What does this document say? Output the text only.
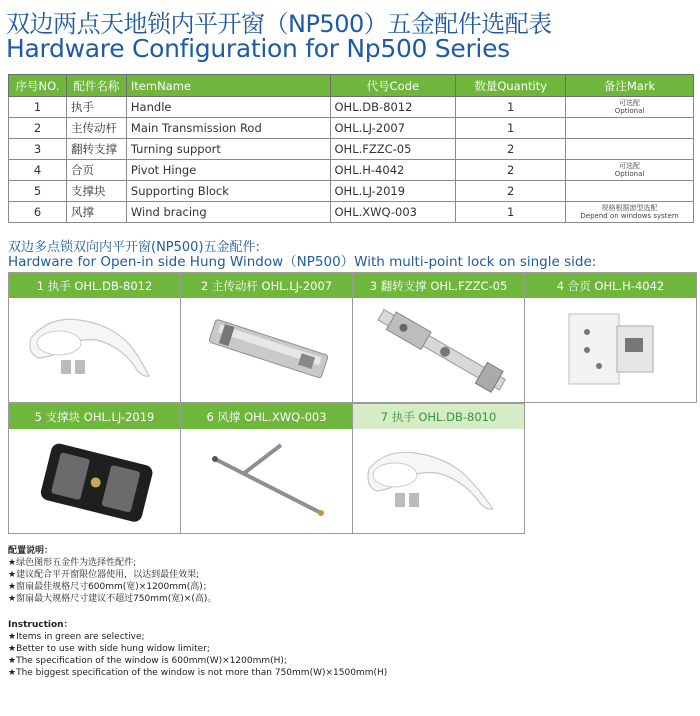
双边两点天地锁内平开窗（NP500）五金配件选配表
Hardware Configuration for Np500 Series
序号NO.	配件名称	ItemName	代号Code	数量Quantity	备注Mark
1	执手	Handle	OHL.DB-8012	1	可选配
Optional

2	主传动杆	Main Transmission Rod	OHL.LJ-2007	1	
3	翻转支撑	Turning support	OHL.FZZC-05	2	
4	合页	Pivot Hinge	OHL.H-4042	2	可选配
Optional

5	支撑块	Supporting Block	OHL.LJ-2019	2	
6	风撑	Wind bracing	OHL.XWQ-003	1	规格根据窗型选配
Depend on windows system
双边多点锁双向内平开窗(NP500)五金配件:
Hardware for Open-in side Hung Window（NP500）With multi-point lock on single side:
1 执手 OHL.DB-8012	2 主传动杆 OHL.LJ-2007	3 翻转支撑 OHL.FZZC-05	4 合页 OHL.H-4042
5 支撑块 OHL.LJ-2019	6 风撑 OHL.XWQ-003	7 执手 OHL.DB-8010
配置说明：
★绿色图形五金件为选择性配件;
★建议配合平开窗限位器使用，以达到最佳效果;
★窗扇最佳规格尺寸600mm(宽)×1200mm(高)；
★窗扇最大规格尺寸建议不超过750mm(宽)×(高)。
Instruction：
★Items in green are selective;
★Better to use with side hung widow limiter;
★The specification of the window is 600mm(W)×1200mm(H);
★The biggest specification of the window is not more than 750mm(W)×1500mm(H)
